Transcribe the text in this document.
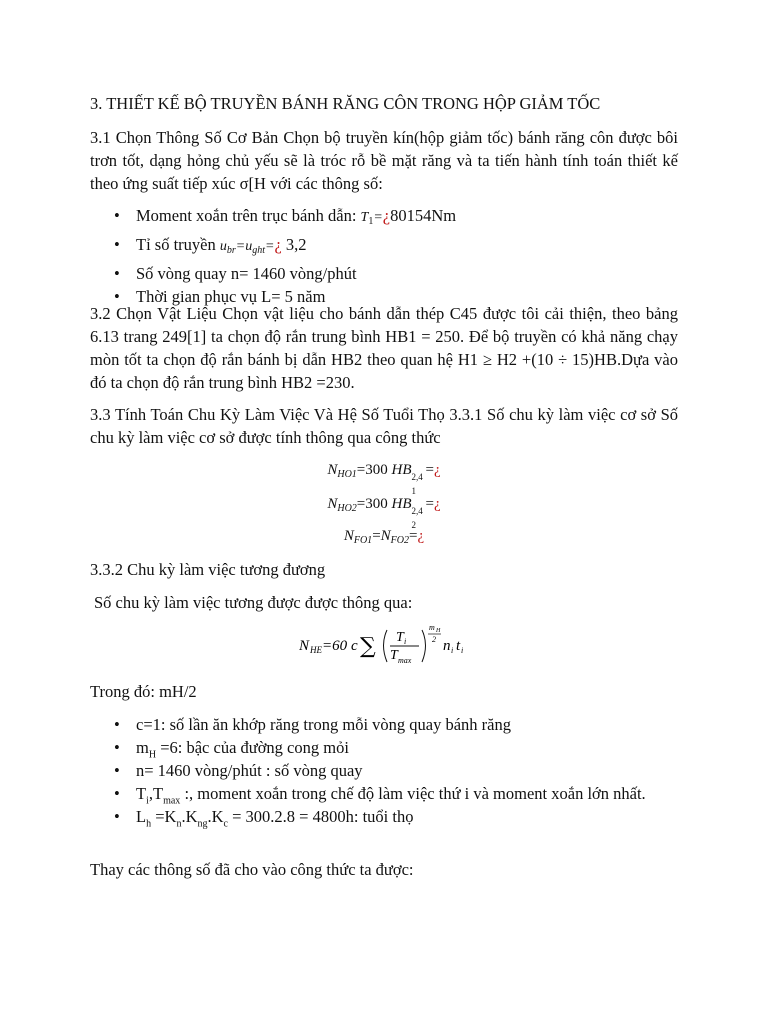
3. THIẾT KẾ BỘ TRUYỀN BÁNH RĂNG CÔN TRONG HỘP GIẢM TỐC
3.1 Chọn Thông Số Cơ Bản Chọn bộ truyền kín(hộp giảm tốc) bánh răng côn được bôi trơn tốt, dạng hỏng chủ yếu sẽ là tróc rỗ bề mặt răng và ta tiến hành tính toán thiết kế theo ứng suất tiếp xúc σ[H với các thông số:
• Moment xoắn trên trục bánh dẫn: $T_1=¿80154Nm$
• Tỉ số truyền $u_{br}=u_{ght}=¿$ 3,2
• Số vòng quay n= 1460 vòng/phút
• Thời gian phục vụ L= 5 năm
3.2 Chọn Vật Liệu Chọn vật liệu cho bánh dẫn thép C45 được tôi cải thiện, theo bảng 6.13 trang 249[1] ta chọn độ rắn trung bình HB1 = 250. Để bộ truyền có khả năng chạy mòn tốt ta chọn độ rắn bánh bị dẫn HB2 theo quan hệ H1 ≥ H2 +(10 ÷ 15)HB.Dựa vào đó ta chọn độ rắn trung bình HB2 =230.
3.3 Tính Toán Chu Kỳ Làm Việc Và Hệ Số Tuổi Thọ 3.3.1 Số chu kỳ làm việc cơ sở Số chu kỳ làm việc cơ sở được tính thông qua công thức
$N_{HO1}=300$ HB 2,4
1
=¿
$N_{HO2}=300$ HB 2,4
2
=¿
$N_{FO1}=N_{FO2}=¿$
3.3.2 Chu kỳ làm việc tương đương
Số chu kỳ làm việc tương được được thông qua:
N HE =60 c ∑ T i
T max
m H
2 n i t i
Trong đó: mH/2
• c=1: số lần ăn khớp răng trong mỗi vòng quay bánh răng
• $m_H =6$: bậc của đường cong mỏi
• n= 1460 vòng/phút : số vòng quay
• $T_i,T_{max}$ :, moment xoắn trong chế độ làm việc thứ i và moment xoắn lớn nhất.
• $L_h =K_n.K_{ng}.K_c = 300.2.8 = 4800h$: tuổi thọ
Thay các thông số đã cho vào công thức ta được:
